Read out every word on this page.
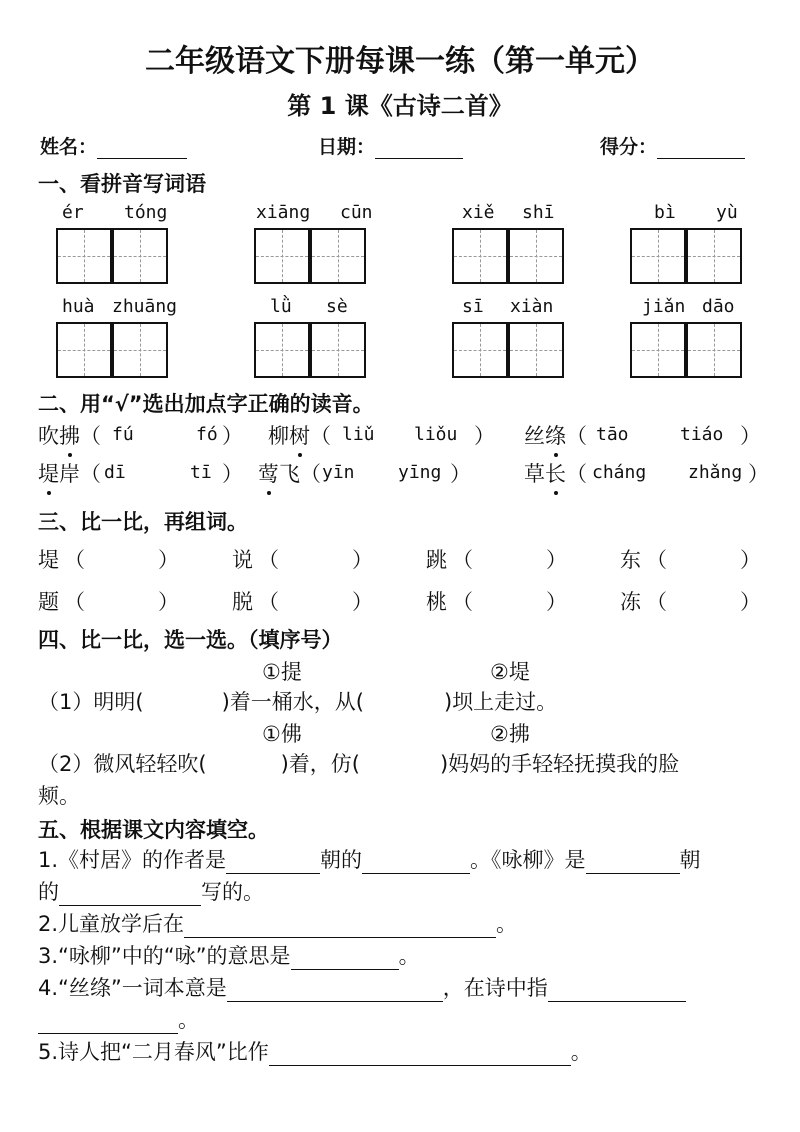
二年级语文下册每课一练（第一单元）
第 1 课《古诗二首》
姓名：	日期：	得分：
一、看拼音写词语
ér tóng	xiāng cūn	xiě shī	bì yù
huà zhuāng	lǜ sè	sī xiàn	jiǎn dāo
二、用“√”选出加点字正确的读音。
吹拂（ fú	fó ） 柳树（ liǔ liǒu ） 丝绦（ tāo	tiáo ）
堤岸（ dī	tī ） 莺飞（ yīn yīng ）	草长（ cháng zhǎng ）
三、比一比，再组词。
堤 （	）	说 （	）	跳 （	）	东 （	）
题 （	）	脱 （	）	桃 （	）	冻 （	）
四、比一比，选一选。（填序号）
①提	②堤
（1）明明(	)着一桶水，从(	)坝上走过。
①佛	②拂
（2）微风轻轻吹(	)着，仿(	)妈妈的手轻轻抚摸我的脸
颊。
五、根据课文内容填空。
1.《村居》的作者是	朝的	。《咏柳》是	朝
的	写的。
2.儿童放学后在	。
3.“咏柳”中的“咏”的意思是	。
4.“丝绦”一词本意是	，在诗中指
。
5.诗人把“二月春风”比作	。
